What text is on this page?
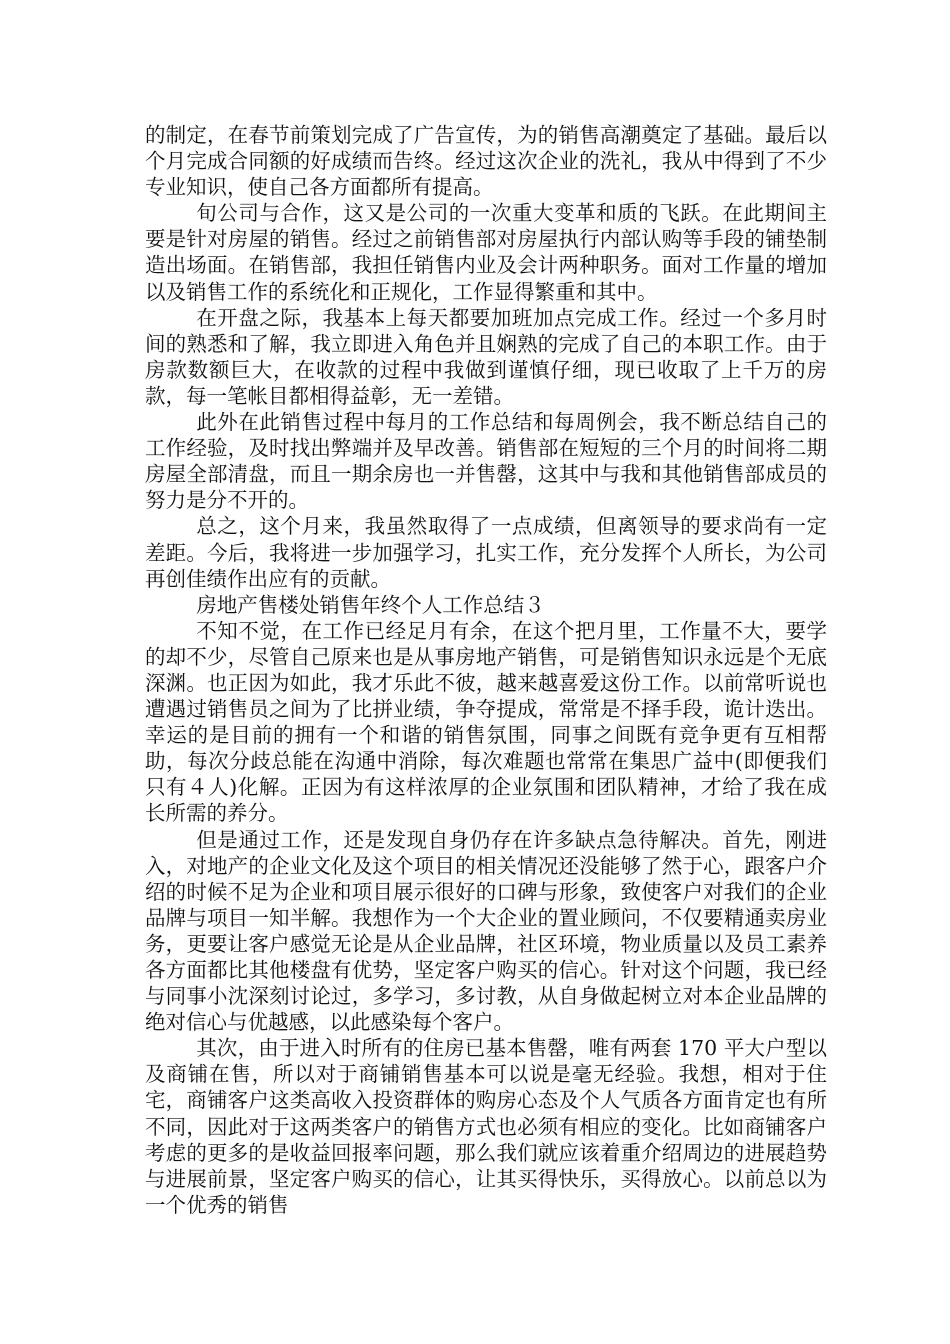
的制定，在春节前策划完成了广告宣传，为的销售高潮奠定了基础。最后以个月完成合同额的好成绩而告终。经过这次企业的洗礼，我从中得到了不少专业知识，使自己各方面都所有提高。

旬公司与合作，这又是公司的一次重大变革和质的飞跃。在此期间主要是针对房屋的销售。经过之前销售部对房屋执行内部认购等手段的铺垫制造出场面。在销售部，我担任销售内业及会计两种职务。面对工作量的增加以及销售工作的系统化和正规化，工作显得繁重和其中。

在开盘之际，我基本上每天都要加班加点完成工作。经过一个多月时间的熟悉和了解，我立即进入角色并且娴熟的完成了自己的本职工作。由于房款数额巨大，在收款的过程中我做到谨慎仔细，现已收取了上千万的房款，每一笔帐目都相得益彰，无一差错。

此外在此销售过程中每月的工作总结和每周例会，我不断总结自己的工作经验，及时找出弊端并及早改善。销售部在短短的三个月的时间将二期房屋全部清盘，而且一期余房也一并售罄，这其中与我和其他销售部成员的努力是分不开的。

总之，这个月来，我虽然取得了一点成绩，但离领导的要求尚有一定差距。今后，我将进一步加强学习，扎实工作，充分发挥个人所长，为公司再创佳绩作出应有的贡献。

房地产售楼处销售年终个人工作总结３

不知不觉，在工作已经足月有余，在这个把月里，工作量不大，要学的却不少，尽管自己原来也是从事房地产销售，可是销售知识永远是个无底深渊。也正因为如此，我才乐此不彼，越来越喜爱这份工作。以前常听说也遭遇过销售员之间为了比拼业绩，争夺提成，常常是不择手段，诡计迭出。幸运的是目前的拥有一个和谐的销售氛围，同事之间既有竞争更有互相帮助，每次分歧总能在沟通中消除，每次难题也常常在集思广益中(即便我们只有４人)化解。正因为有这样浓厚的企业氛围和团队精神，才给了我在成长所需的养分。

但是通过工作，还是发现自身仍存在许多缺点急待解决。首先，刚进入，对地产的企业文化及这个项目的相关情况还没能够了然于心，跟客户介绍的时候不足为企业和项目展示很好的口碑与形象，致使客户对我们的企业品牌与项目一知半解。我想作为一个大企业的置业顾问，不仅要精通卖房业务，更要让客户感觉无论是从企业品牌，社区环境，物业质量以及员工素养各方面都比其他楼盘有优势，坚定客户购买的信心。针对这个问题，我已经与同事小沈深刻讨论过，多学习，多讨教，从自身做起树立对本企业品牌的绝对信心与优越感，以此感染每个客户。

其次，由于进入时所有的住房已基本售罄，唯有两套 170 平大户型以及商铺在售，所以对于商铺销售基本可以说是毫无经验。我想，相对于住宅，商铺客户这类高收入投资群体的购房心态及个人气质各方面肯定也有所不同，因此对于这两类客户的销售方式也必须有相应的变化。比如商铺客户考虑的更多的是收益回报率问题，那么我们就应该着重介绍周边的进展趋势与进展前景，坚定客户购买的信心，让其买得快乐，买得放心。以前总以为一个优秀的销售
